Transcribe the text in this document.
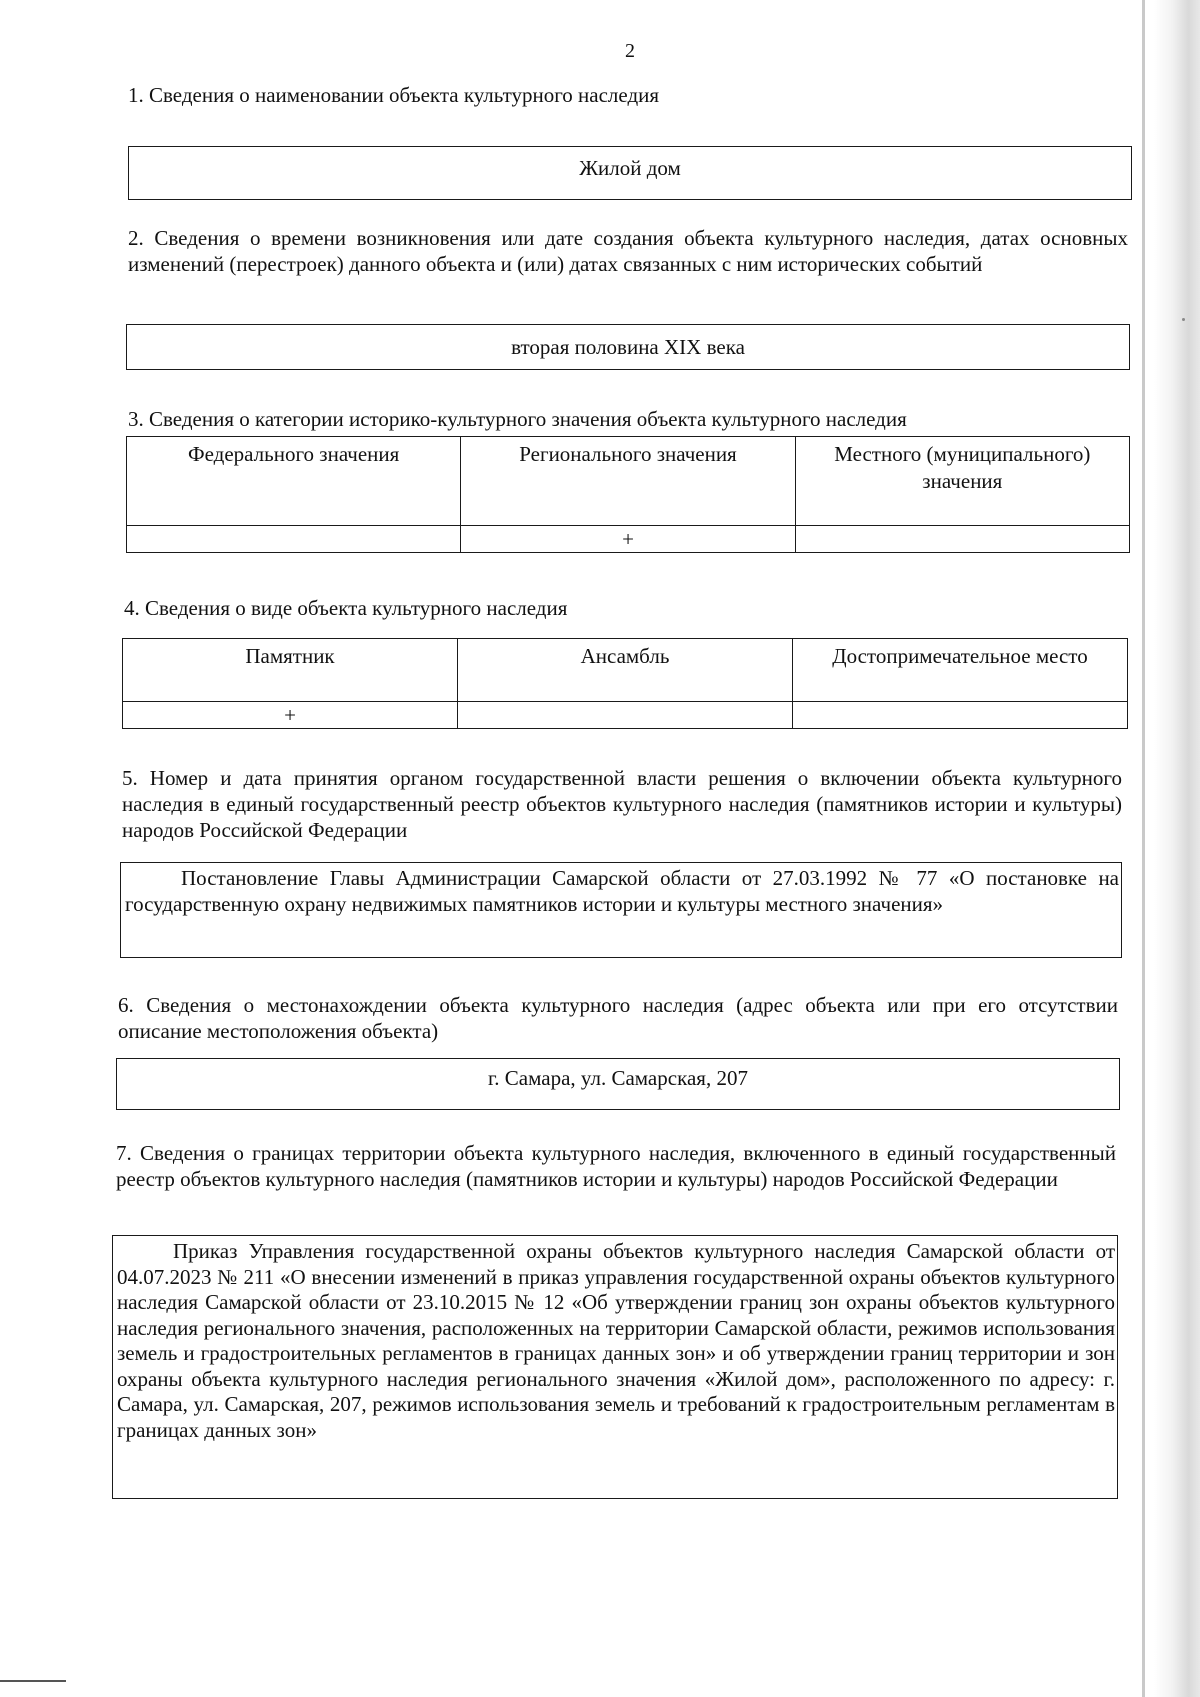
2
1. Сведения о наименовании объекта культурного наследия
Жилой дом
2. Сведения о времени возникновения или дате создания объекта культурного наследия, датах основных изменений (перестроек) данного объекта и (или) датах связанных с ним исторических событий
вторая половина XIX века
3. Сведения о категории историко-культурного значения объекта культурного наследия
Федерального значения	Регионального значения	Местного (муниципального) значения
	+	
4. Сведения о виде объекта культурного наследия
Памятник	Ансамбль	Достопримечательное место
+		
5. Номер и дата принятия органом государственной власти решения о включении объекта культурного наследия в единый государственный реестр объектов культурного наследия (памятников истории и культуры) народов Российской Федерации
Постановление Главы Администрации Самарской области от 27.03.1992 № 77 «О постановке на государственную охрану недвижимых памятников истории и культуры местного значения»
6. Сведения о местонахождении объекта культурного наследия (адрес объекта или при его отсутствии описание местоположения объекта)
г. Самара, ул. Самарская, 207
7. Сведения о границах территории объекта культурного наследия, включенного в единый государственный реестр объектов культурного наследия (памятников истории и культуры) народов Российской Федерации
Приказ Управления государственной охраны объектов культурного наследия Самарской области от 04.07.2023 № 211 «О внесении изменений в приказ управления государственной охраны объектов культурного наследия Самарской области от 23.10.2015 № 12 «Об утверждении границ зон охраны объектов культурного наследия регионального значения, расположенных на территории Самарской области, режимов использования земель и градостроительных регламентов в границах данных зон» и об утверждении границ территории и зон охраны объекта культурного наследия регионального значения «Жилой дом», расположенного по адресу: г. Самара, ул. Самарская, 207, режимов использования земель и требований к градостроительным регламентам в границах данных зон»
